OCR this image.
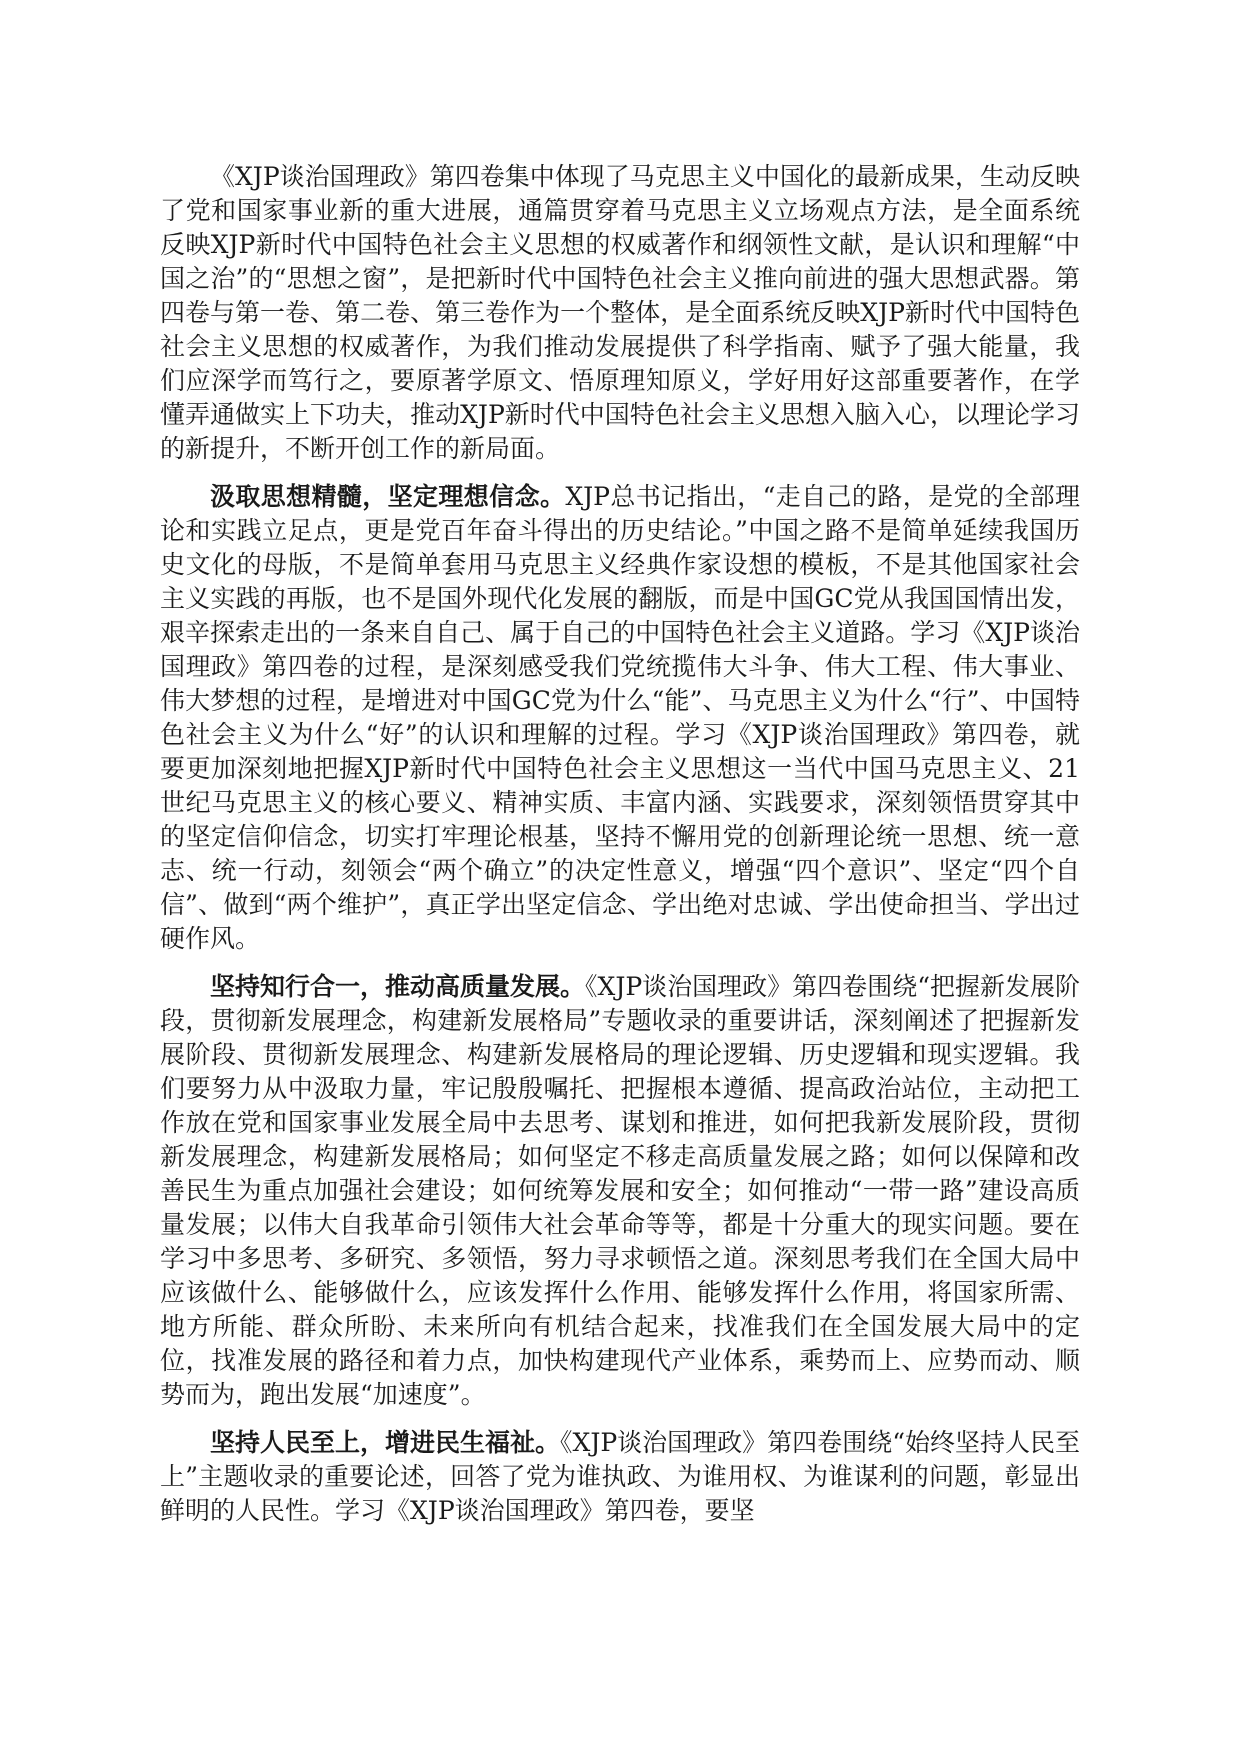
《XJP谈治国理政》第四卷集中体现了马克思主义中国化的最新成果，生动反映了党和国家事业新的重大进展，通篇贯穿着马克思主义立场观点方法，是全面系统反映XJP新时代中国特色社会主义思想的权威著作和纲领性文献，是认识和理解“中国之治”的“思想之窗”，是把新时代中国特色社会主义推向前进的强大思想武器。第四卷与第一卷、第二卷、第三卷作为一个整体，是全面系统反映XJP新时代中国特色社会主义思想的权威著作，为我们推动发展提供了科学指南、赋予了强大能量，我们应深学而笃行之，要原著学原文、悟原理知原义，学好用好这部重要著作，在学懂弄通做实上下功夫，推动XJP新时代中国特色社会主义思想入脑入心，以理论学习的新提升，不断开创工作的新局面。

汲取思想精髓，坚定理想信念。XJP总书记指出，“走自己的路，是党的全部理论和实践立足点，更是党百年奋斗得出的历史结论。”中国之路不是简单延续我国历史文化的母版，不是简单套用马克思主义经典作家设想的模板，不是其他国家社会主义实践的再版，也不是国外现代化发展的翻版，而是中国GC党从我国国情出发，艰辛探索走出的一条来自自己、属于自己的中国特色社会主义道路。学习《XJP谈治国理政》第四卷的过程，是深刻感受我们党统揽伟大斗争、伟大工程、伟大事业、伟大梦想的过程，是增进对中国GC党为什么“能”、马克思主义为什么“行”、中国特色社会主义为什么“好”的认识和理解的过程。学习《XJP谈治国理政》第四卷，就要更加深刻地把握XJP新时代中国特色社会主义思想这一当代中国马克思主义、21世纪马克思主义的核心要义、精神实质、丰富内涵、实践要求，深刻领悟贯穿其中的坚定信仰信念，切实打牢理论根基，坚持不懈用党的创新理论统一思想、统一意志、统一行动，刻领会“两个确立”的决定性意义，增强“四个意识”、坚定“四个自信”、做到“两个维护”，真正学出坚定信念、学出绝对忠诚、学出使命担当、学出过硬作风。

坚持知行合一，推动高质量发展。《XJP谈治国理政》第四卷围绕“把握新发展阶段，贯彻新发展理念，构建新发展格局”专题收录的重要讲话，深刻阐述了把握新发展阶段、贯彻新发展理念、构建新发展格局的理论逻辑、历史逻辑和现实逻辑。我们要努力从中汲取力量，牢记殷殷嘱托、把握根本遵循、提高政治站位，主动把工作放在党和国家事业发展全局中去思考、谋划和推进，如何把我新发展阶段，贯彻新发展理念，构建新发展格局；如何坚定不移走高质量发展之路；如何以保障和改善民生为重点加强社会建设；如何统筹发展和安全；如何推动“一带一路”建设高质量发展；以伟大自我革命引领伟大社会革命等等，都是十分重大的现实问题。要在学习中多思考、多研究、多领悟，努力寻求顿悟之道。深刻思考我们在全国大局中应该做什么、能够做什么，应该发挥什么作用、能够发挥什么作用，将国家所需、地方所能、群众所盼、未来所向有机结合起来，找准我们在全国发展大局中的定位，找准发展的路径和着力点，加快构建现代产业体系，乘势而上、应势而动、顺势而为，跑出发展“加速度”。

坚持人民至上，增进民生福祉。《XJP谈治国理政》第四卷围绕“始终坚持人民至上”主题收录的重要论述，回答了党为谁执政、为谁用权、为谁谋利的问题，彰显出鲜明的人民性。学习《XJP谈治国理政》第四卷，要坚
